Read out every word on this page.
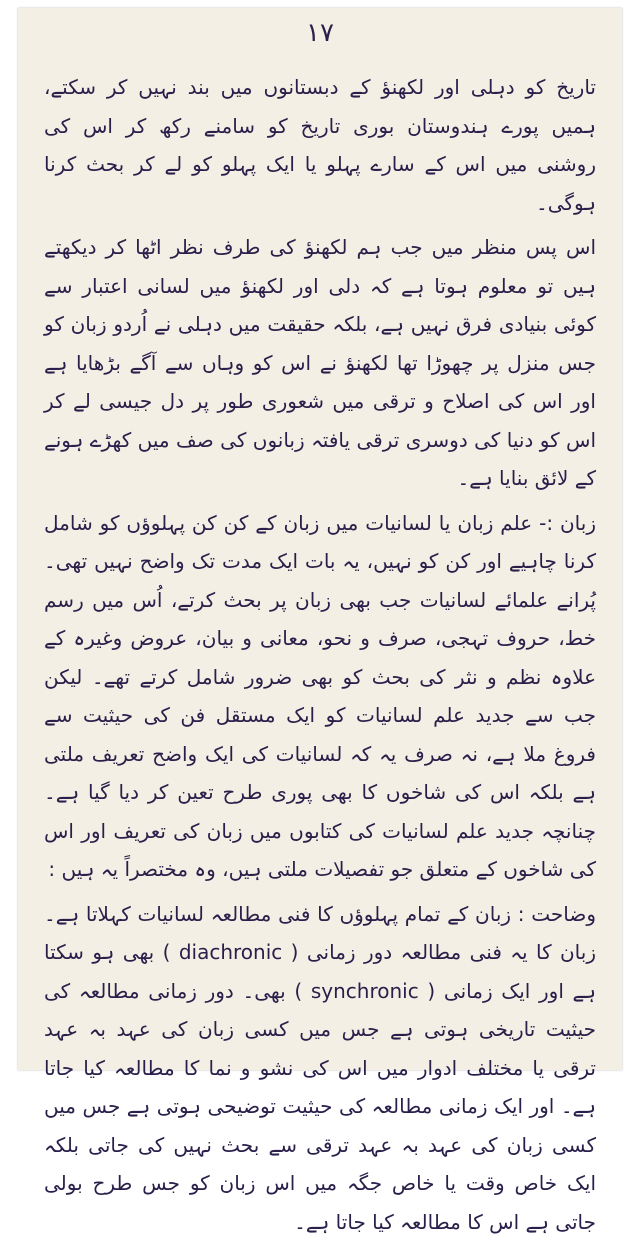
١٧

تاریخ کو دہلی اور لکھنؤ کے دبستانوں میں بند نہیں کر سکتے، ہمیں پورے ہندوستان بوری تاریخ کو سامنے رکھ کر اس کی روشنی میں اس کے سارے پہلو یا ایک پہلو کو لے کر بحث کرنا ہوگی۔

اس پس منظر میں جب ہم لکھنؤ کی طرف نظر اٹھا کر دیکھتے ہیں تو معلوم ہوتا ہے کہ دلی اور لکھنؤ میں لسانی اعتبار سے کوئی بنیادی فرق نہیں ہے، بلکہ حقیقت میں دہلی نے اُردو زبان کو جس منزل پر چھوڑا تھا لکھنؤ نے اس کو وہاں سے آگے بڑھایا ہے اور اس کی اصلاح و ترقی میں شعوری طور پر دل جیسی لے کر اس کو دنیا کی دوسری ترقی یافتہ زبانوں کی صف میں کھڑے ہونے کے لائق بنایا ہے۔

زبان :- علم زبان یا لسانیات میں زبان کے کن کن پہلوؤں کو شامل کرنا چاہیے اور کن کو نہیں، یہ بات ایک مدت تک واضح نہیں تھی۔ پُرانے علمائے لسانیات جب بھی زبان پر بحث کرتے، اُس میں رسم خط، حروف تہجی، صرف و نحو، معانی و بیان، عروض وغیرہ کے علاوہ نظم و نثر کی بحث کو بھی ضرور شامل کرتے تھے۔ لیکن جب سے جدید علم لسانیات کو ایک مستقل فن کی حیثیت سے فروغ ملا ہے، نہ صرف یہ کہ لسانیات کی ایک واضح تعریف ملتی ہے بلکہ اس کی شاخوں کا بھی پوری طرح تعین کر دیا گیا ہے۔ چنانچہ جدید علم لسانیات کی کتابوں میں زبان کی تعریف اور اس کی شاخوں کے متعلق جو تفصیلات ملتی ہیں، وہ مختصراً یہ ہیں :

وضاحت : زبان کے تمام پہلوؤں کا فنی مطالعہ لسانیات کہلاتا ہے۔ زبان کا یہ فنی مطالعہ دور زمانی ( diachronic ) بھی ہو سکتا ہے اور ایک زمانی ( synchronic ) بھی۔ دور زمانی مطالعہ کی حیثیت تاریخی ہوتی ہے جس میں کسی زبان کی عہد بہ عہد ترقی یا مختلف ادوار میں اس کی نشو و نما کا مطالعہ کیا جاتا ہے۔ اور ایک زمانی مطالعہ کی حیثیت توضیحی ہوتی ہے جس میں کسی زبان کی عہد بہ عہد ترقی سے بحث نہیں کی جاتی بلکہ ایک خاص وقت یا خاص جگہ میں اس زبان کو جس طرح بولی جاتی ہے اس کا مطالعہ کیا جاتا ہے۔
